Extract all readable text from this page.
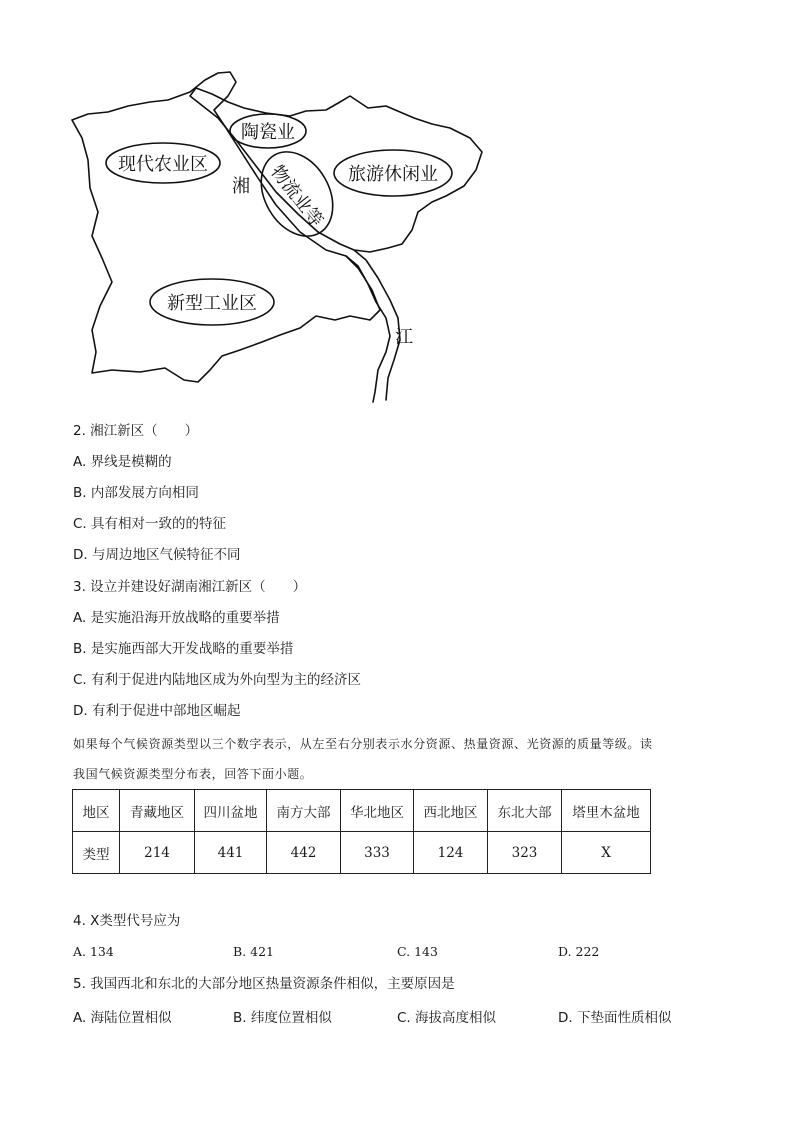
现代农业区
陶瓷业
物流业等 旅游休闲业
新型工业区
湘
江
2. 湘江新区（　　）
A. 界线是模糊的
B. 内部发展方向相同
C. 具有相对一致的的特征
D. 与周边地区气候特征不同
3. 设立并建设好湖南湘江新区（　　）
A. 是实施沿海开放战略的重要举措
B. 是实施西部大开发战略的重要举措
C. 有利于促进内陆地区成为外向型为主的经济区
D. 有利于促进中部地区崛起
如果每个气候资源类型以三个数字表示，从左至右分别表示水分资源、热量资源、光资源的质量等级。读
我国气候资源类型分布表，回答下面小题。
地区	青藏地区	四川盆地	南方大部	华北地区	西北地区	东北大部	塔里木盆地
类型	214	441	442	333	124	323	X
4. X类型代号应为
A. 134	B. 421	C. 143	D. 222
5. 我国西北和东北的大部分地区热量资源条件相似，主要原因是
A. 海陆位置相似	B. 纬度位置相似	C. 海拔高度相似	D. 下垫面性质相似
